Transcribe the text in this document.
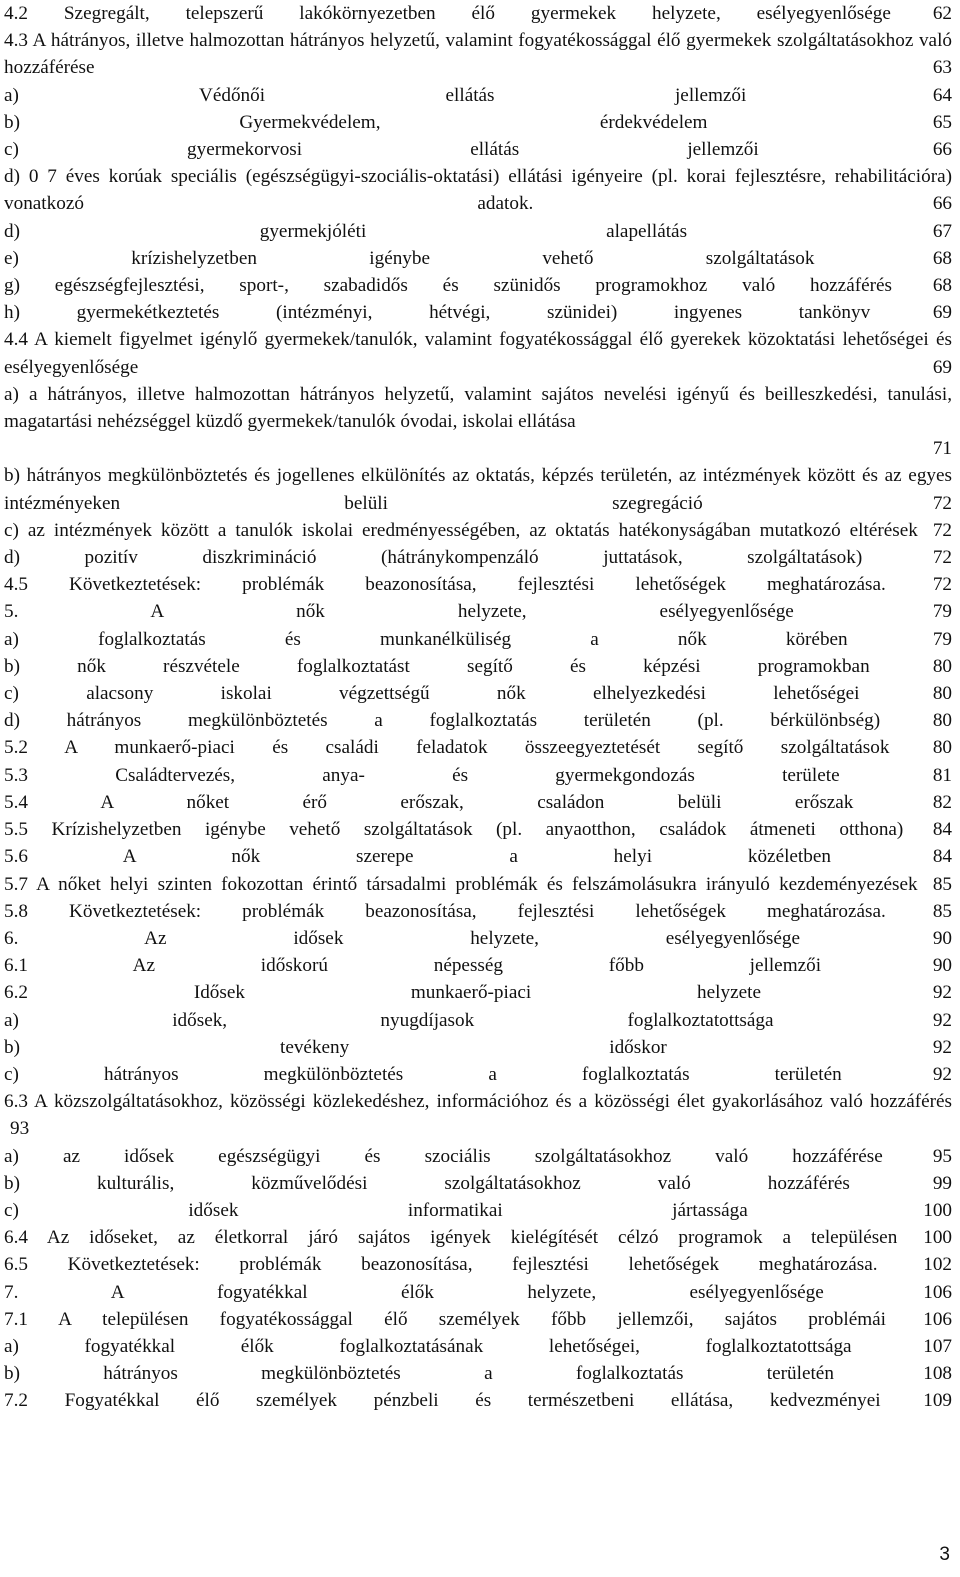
4.2 Szegregált, telepszerű lakókörnyezetben élő gyermekek helyzete, esélyegyenlősége 62
4.3 A hátrányos, illetve halmozottan hátrányos helyzetű, valamint fogyatékossággal élő gyermekek szolgáltatásokhoz való hozzáférése	63
a) Védőnői ellátás jellemzői	64
b) Gyermekvédelem, érdekvédelem	65
c) gyermekorvosi ellátás jellemzői	66
d) 0 7 éves korúak speciális (egészségügyi-szociális-oktatási) ellátási igényeire (pl. korai fejlesztésre, rehabilitációra) vonatkozó adatok.	66
d) gyermekjóléti alapellátás	67
e) krízishelyzetben igénybe vehető szolgáltatások	68
g) egészségfejlesztési, sport-, szabadidős és szünidős programokhoz való hozzáférés 68
h) gyermekétkeztetés (intézményi, hétvégi, szünidei) ingyenes tankönyv	69
4.4 A kiemelt figyelmet igénylő gyermekek/tanulók, valamint fogyatékossággal élő gyerekek közoktatási lehetőségei és esélyegyenlősége	69
a) a hátrányos, illetve halmozottan hátrányos helyzetű, valamint sajátos nevelési igényű és beilleszkedési, tanulási, magatartási nehézséggel küzdő gyermekek/tanulók óvodai, iskolai ellátása
71
b) hátrányos megkülönböztetés és jogellenes elkülönítés az oktatás, képzés területén, az intézmények között és az egyes intézményeken belüli szegregáció	72
c) az intézmények között a tanulók iskolai eredményességében, az oktatás hatékonyságában mutatkozó eltérések 72
d) pozitív diszkrimináció (hátránykompenzáló juttatások, szolgáltatások)	72
4.5 Következtetések: problémák beazonosítása, fejlesztési lehetőségek meghatározása. 72
5. A nők helyzete, esélyegyenlősége	79
a) foglalkoztatás és munkanélküliség a nők körében	79
b) nők részvétele foglalkoztatást segítő és képzési programokban	80
c) alacsony iskolai végzettségű nők elhelyezkedési lehetőségei	80
d) hátrányos megkülönböztetés a foglalkoztatás területén (pl. bérkülönbség)	80
5.2 A munkaerő-piaci és családi feladatok összeegyeztetését segítő szolgáltatások 80
5.3 Családtervezés, anya- és gyermekgondozás területe	81
5.4 A nőket érő erőszak, családon belüli erőszak	82
5.5 Krízishelyzetben igénybe vehető szolgáltatások (pl. anyaotthon, családok átmeneti otthona) 84
5.6 A nők szerepe a helyi közéletben	84
5.7 A nőket helyi szinten fokozottan érintő társadalmi problémák és felszámolásukra irányuló kezdeményezések 85
5.8 Következtetések: problémák beazonosítása, fejlesztési lehetőségek meghatározása. 85
6. Az idősek helyzete, esélyegyenlősége	90
6.1 Az időskorú népesség főbb jellemzői	90
6.2 Idősek munkaerő-piaci helyzete	92
a) idősek, nyugdíjasok foglalkoztatottsága	92
b) tevékeny időskor	92
c) hátrányos megkülönböztetés a foglalkoztatás területén	92
6.3 A közszolgáltatásokhoz, közösségi közlekedéshez, információhoz és a közösségi élet gyakorlásához való hozzáférés 93
a) az idősek egészségügyi és szociális szolgáltatásokhoz való hozzáférése	95
b) kulturális, közművelődési szolgáltatásokhoz való hozzáférés	99
c) idősek informatikai jártassága	100
6.4 Az időseket, az életkorral járó sajátos igények kielégítését célzó programok a településen 100
6.5 Következtetések: problémák beazonosítása, fejlesztési lehetőségek meghatározása. 102
7. A fogyatékkal élők helyzete, esélyegyenlősége	106
7.1 A településen fogyatékossággal élő személyek főbb jellemzői, sajátos problémái 106
a) fogyatékkal élők foglalkoztatásának lehetőségei, foglalkoztatottsága	107
b) hátrányos megkülönböztetés a foglalkoztatás területén	108
7.2 Fogyatékkal élő személyek pénzbeli és természetbeni ellátása, kedvezményei 109
3
